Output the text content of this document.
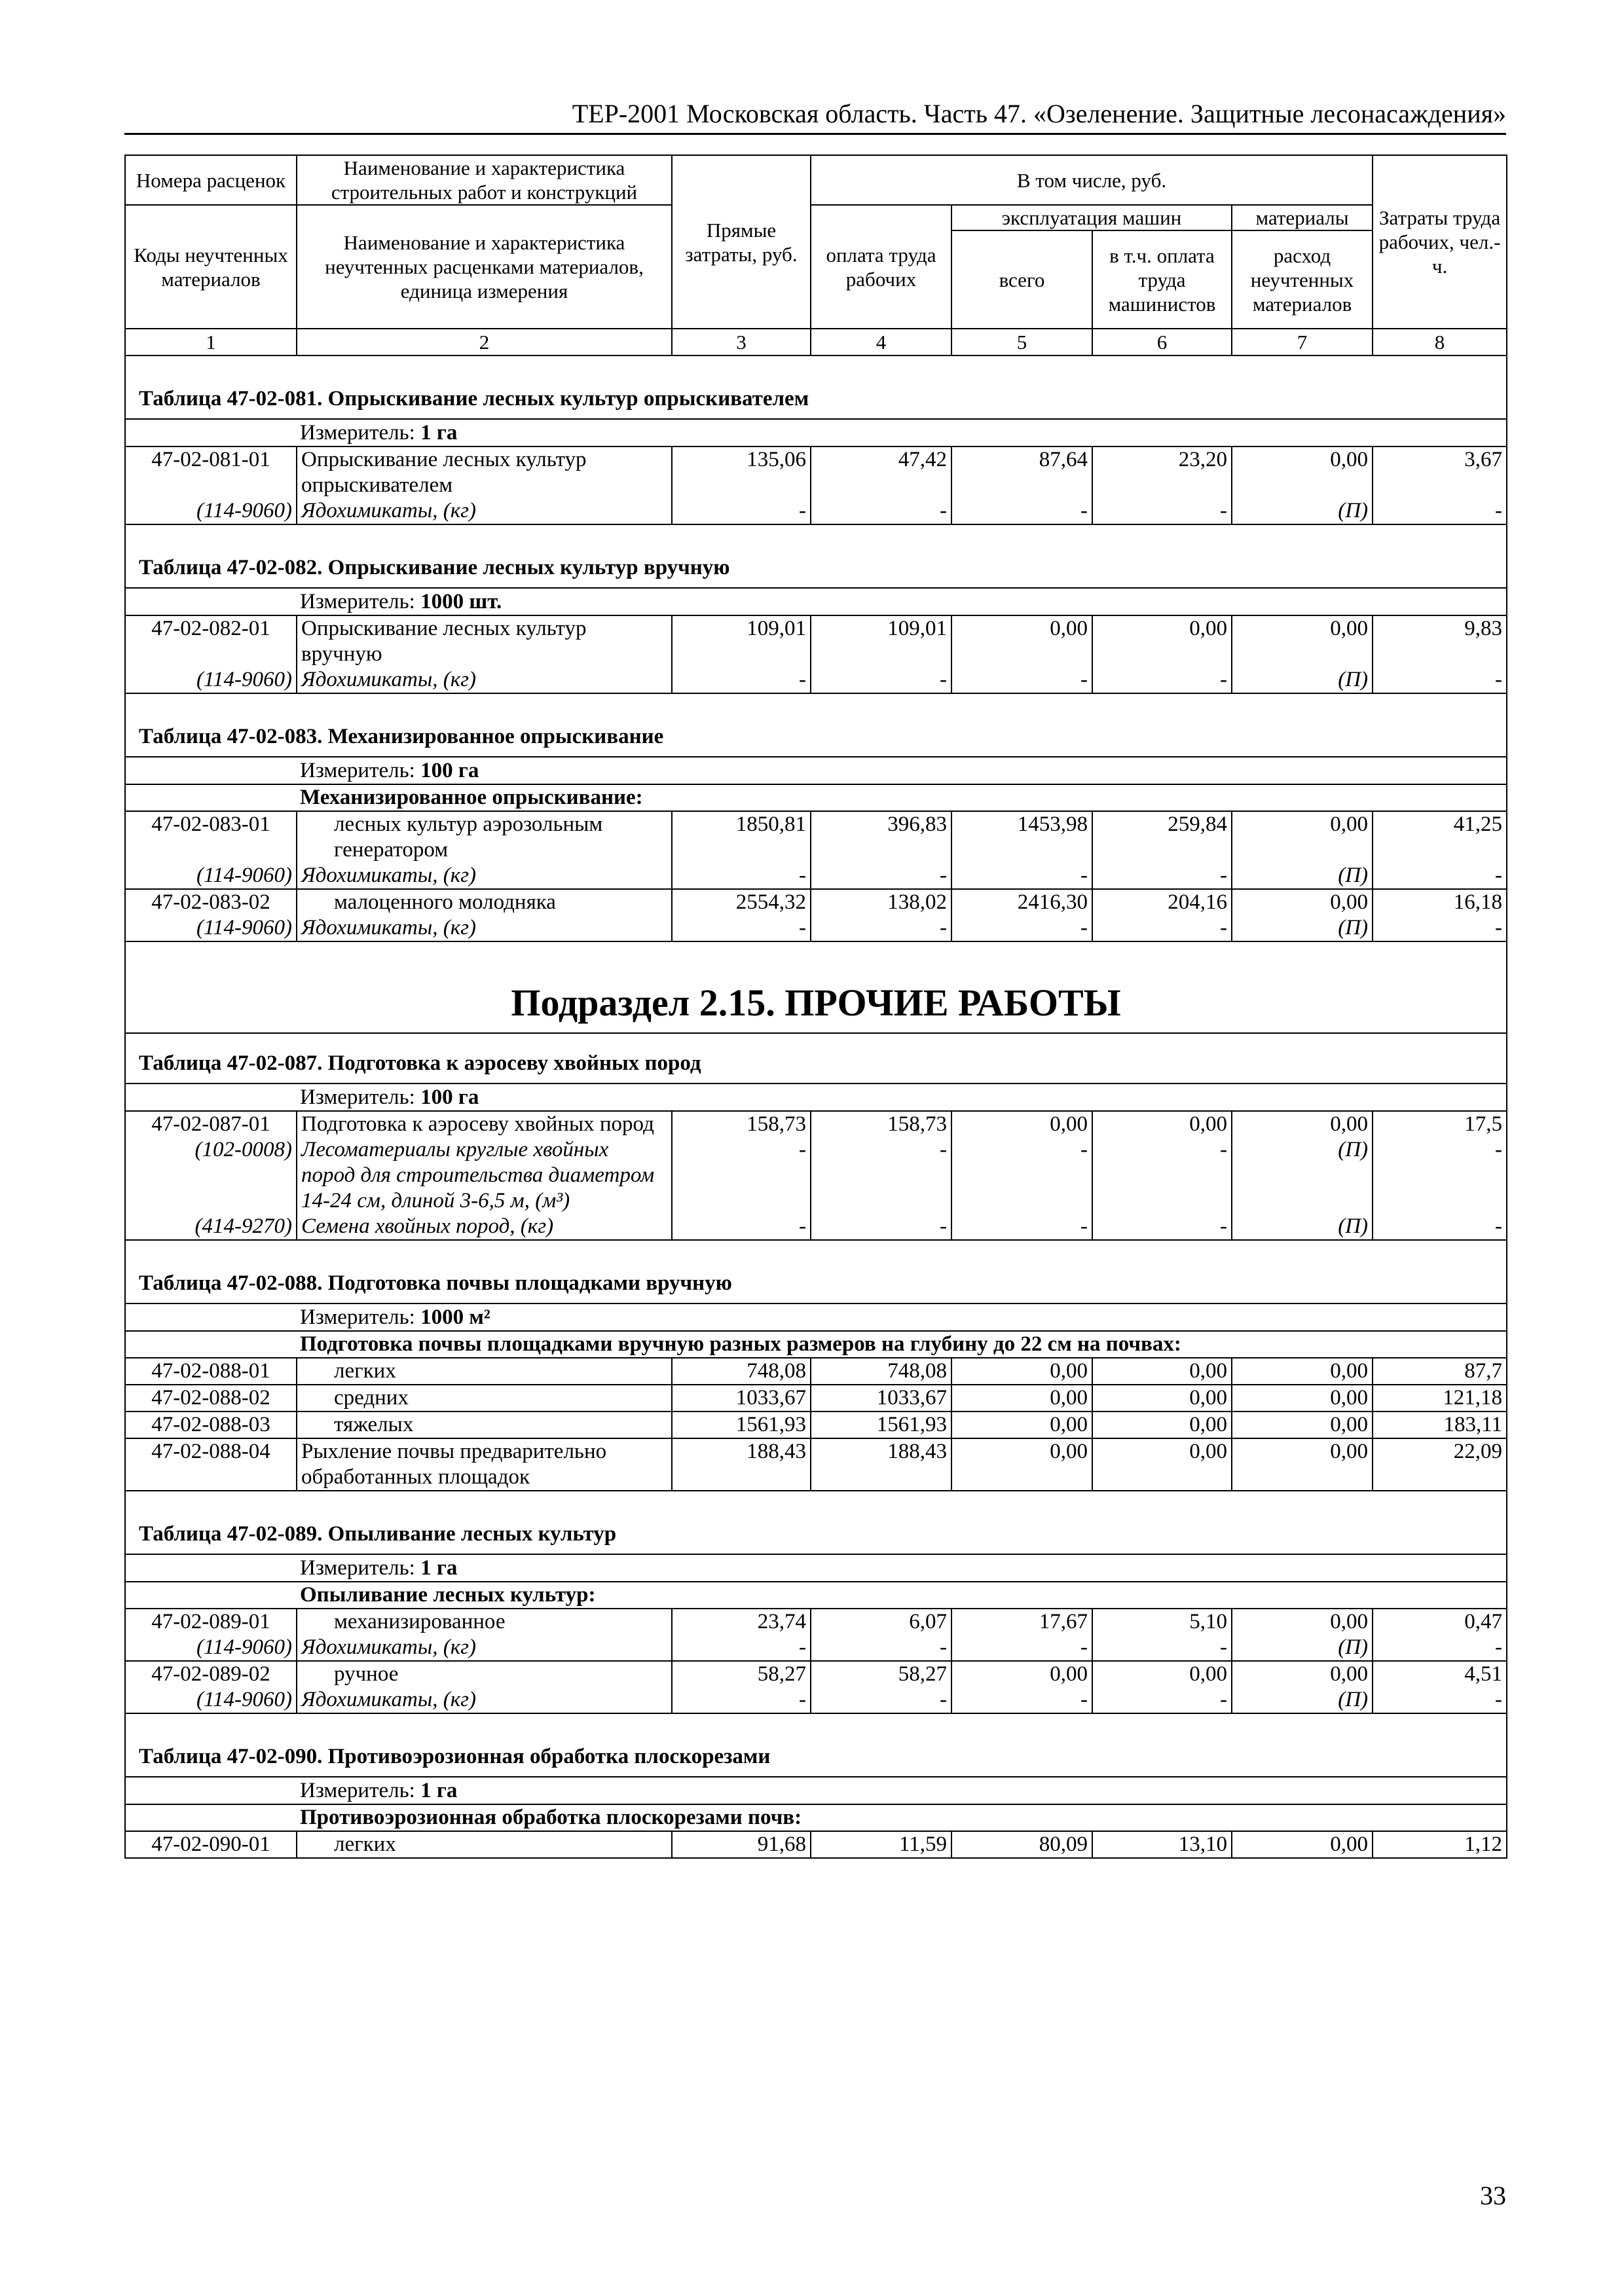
ТЕР-2001 Московская область. Часть 47. «Озеленение. Защитные лесонасаждения»
Номера расценок	Наименование и характеристика строительных работ и конструкций	Прямые затраты, руб.	В том числе, руб.				Затраты труда рабочих, чел.-ч.
Коды неучтенных материалов	Наименование и характеристика неучтенных расценками материалов, единица измерения		оплата труда рабочих	эксплуатация машин		материалы	
				всего	в т.ч. оплата труда машинистов	расход неучтенных материалов	
1	2	3	4	5	6	7	8
Таблица 47-02-081. Опрыскивание лесных культур опрыскивателем							
Измеритель: 1 га							
47-02-081-01	Опрыскивание лесных культур опрыскивателем	135,06	47,42	87,64	23,20	0,00	3,67
(114-9060)	Ядохимикаты, (кг)	-	-	-	-	(П)	-
Таблица 47-02-082. Опрыскивание лесных культур вручную							
Измеритель: 1000 шт.							
47-02-082-01	Опрыскивание лесных культур вручную	109,01	109,01	0,00	0,00	0,00	9,83
(114-9060)	Ядохимикаты, (кг)	-	-	-	-	(П)	-
Таблица 47-02-083. Механизированное опрыскивание							
Измеритель: 100 га							
Механизированное опрыскивание:							
47-02-083-01	лесных культур аэрозольным генератором	1850,81	396,83	1453,98	259,84	0,00	41,25
(114-9060)	Ядохимикаты, (кг)	-	-	-	-	(П)	-
47-02-083-02	малоценного молодняка	2554,32	138,02	2416,30	204,16	0,00	16,18
(114-9060)	Ядохимикаты, (кг)	-	-	-	-	(П)	-
Подраздел 2.15. ПРОЧИЕ РАБОТЫ							
Таблица 47-02-087. Подготовка к аэросеву хвойных пород							
Измеритель: 100 га							
47-02-087-01	Подготовка к аэросеву хвойных пород	158,73	158,73	0,00	0,00	0,00	17,5
(102-0008)	Лесоматериалы круглые хвойных пород для строительства диаметром 14-24 см, длиной 3-6,5 м, (м³)	-	-	-	-	(П)	-
(414-9270)	Семена хвойных пород, (кг)	-	-	-	-	(П)	-
Таблица 47-02-088. Подготовка почвы площадками вручную							
Измеритель: 1000 м²							
Подготовка почвы площадками вручную разных размеров на глубину до 22 см на почвах:							
47-02-088-01	легких	748,08	748,08	0,00	0,00	0,00	87,7
47-02-088-02	средних	1033,67	1033,67	0,00	0,00	0,00	121,18
47-02-088-03	тяжелых	1561,93	1561,93	0,00	0,00	0,00	183,11
47-02-088-04	Рыхление почвы предварительно обработанных площадок	188,43	188,43	0,00	0,00	0,00	22,09
Таблица 47-02-089. Опыливание лесных культур							
Измеритель: 1 га							
Опыливание лесных культур:							
47-02-089-01	механизированное	23,74	6,07	17,67	5,10	0,00	0,47
(114-9060)	Ядохимикаты, (кг)	-	-	-	-	(П)	-
47-02-089-02	ручное	58,27	58,27	0,00	0,00	0,00	4,51
(114-9060)	Ядохимикаты, (кг)	-	-	-	-	(П)	-
Таблица 47-02-090. Противоэрозионная обработка плоскорезами							
Измеритель: 1 га							
Противоэрозионная обработка плоскорезами почв:							
47-02-090-01	легких	91,68	11,59	80,09	13,10	0,00	1,12
33
